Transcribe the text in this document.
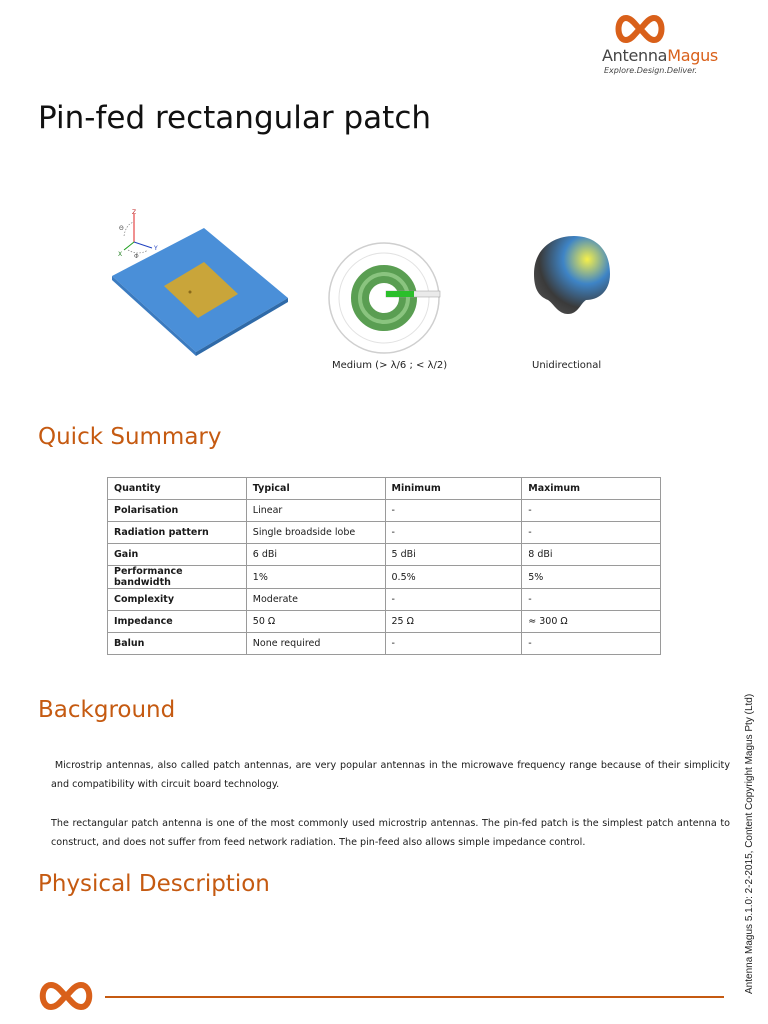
AntennaMagus
Explore.Design.Deliver.
Pin-fed rectangular patch
Z
Y
X
Θ
Φ
Medium (> λ/6 ; < λ/2)	Unidirectional
Quick Summary
Quantity	Typical	Minimum	Maximum
Polarisation	Linear	-	-
Radiation pattern	Single broadside lobe	-	-
Gain	6 dBi	5 dBi	8 dBi
Performance bandwidth	1%	0.5%	5%
Complexity	Moderate	-	-
Impedance	50 Ω	25 Ω	≈ 300 Ω
Balun	None required	-	-
Background

Microstrip antennas, also called patch antennas, are very popular antennas in the microwave frequency range because of their simplicity and compatibility with circuit board technology.

The rectangular patch antenna is one of the most commonly used microstrip antennas. The pin-fed patch is the simplest patch antenna to construct, and does not suffer from feed network radiation. The pin-feed also allows simple impedance control.

Physical Description	Antenna Magus 5.1.0: 2-2-2015, Content Copyright Magus Pty (Ltd)
